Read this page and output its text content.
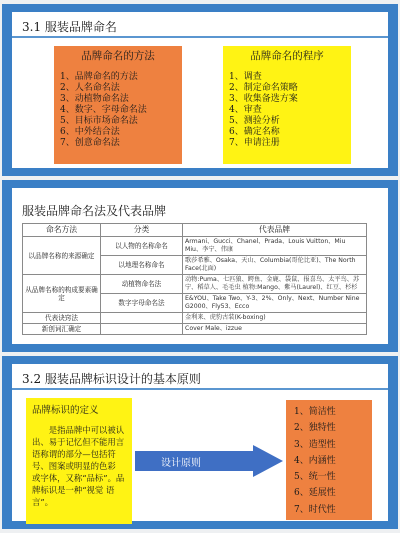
3.1 服装品牌命名
品牌命名的方法
1、品牌命名的方法
2、人名命名法
3、动植物命名法
4、数字、字母命名法
5、目标市场命名法
6、中外结合法
7、创意命名法
品牌命名的程序
1、调查
2、制定命名策略
3、收集备选方案
4、审查
5、测验分析
6、确定名称
7、申请注册
服装品牌命名法及代表品牌
命名方法	分类	代表品牌
以品牌名称的来源确定	以人物的名称命名	Armani、Gucci、Chanel、Prada、Louis Vuitton、Miu Miu、李宁、伟康
	以地理名称命名	歌莎希雅、Osaka、天山、Columbia(哥伦比亚)、The North Face(北面)
从品牌名称的构成要素确定	动植物命名法	动物:Puma、七匹狼、鳄鱼、金鹿、袋鼠、报喜鸟、太平鸟、苏宁、稻草人、毛毛虫 植物:Mango、紫马(Laurel)、红豆、杉杉
	数字字母命名法	E&YOU、Take Two、Y-3、2%、Only、Next、Number Nine G2000、Fly53、Ecco
代表诀窍法		金利来、虎豹古装(K-boxing)
新创词汇确定		Cover Male、izzue
3.2 服装品牌标识设计的基本原则
品牌标识的定义

是指品牌中可以被认出、易于记忆但不能用言语称谓的部分—包括符号、图案或明显的色彩 或字体，又称“品标”。品牌标识是一种“视觉 语言”。

设计原则
1、简洁性
2、独特性
3、造型性
4、内涵性
5、统一性
6、延展性
7、时代性
